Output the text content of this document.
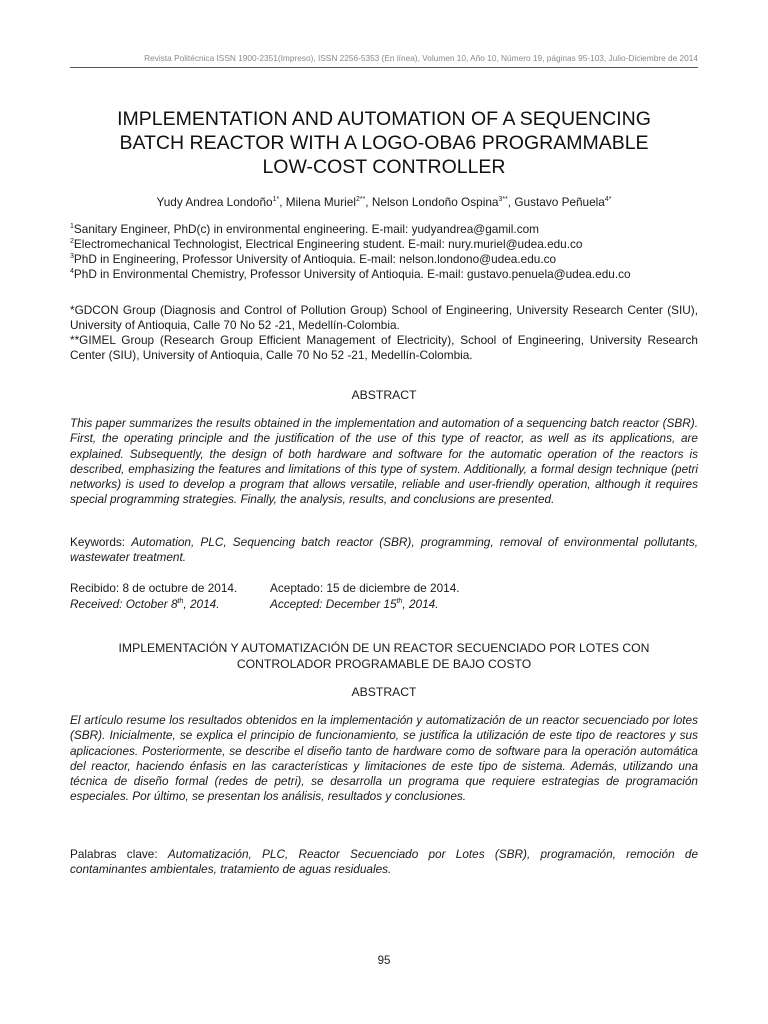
Revista Politécnica ISSN 1900-2351(Impreso), ISSN 2256-5353 (En línea), Volumen 10, Año 10, Número 19, páginas 95-103, Julio-Diciembre de 2014
IMPLEMENTATION AND AUTOMATION OF A SEQUENCING
BATCH REACTOR WITH A LOGO-OBA6 PROGRAMMABLE
LOW-COST CONTROLLER
Yudy Andrea Londoño$^{1*}$, Milena Muriel$^{2**}$, Nelson Londoño Ospina$^{3**}$, Gustavo Peñuela$^{4*}$
$^1$Sanitary Engineer, PhD(c) in environmental engineering. E-mail: yudyandrea@gamil.com
$^2$Electromechanical Technologist, Electrical Engineering student. E-mail: nury.muriel@udea.edu.co
$^3$PhD in Engineering, Professor University of Antioquia. E-mail: nelson.londono@udea.edu.co
$^4$PhD in Environmental Chemistry, Professor University of Antioquia. E-mail: gustavo.penuela@udea.edu.co

*GDCON Group (Diagnosis and Control of Pollution Group) School of Engineering, University Research Center (SIU), University of Antioquia, Calle 70 No 52 -21, Medellín-Colombia.

**GIMEL Group (Research Group Efficient Management of Electricity), School of Engineering, University Research Center (SIU), University of Antioquia, Calle 70 No 52 -21, Medellín-Colombia.

ABSTRACT
This paper summarizes the results obtained in the implementation and automation of a sequencing batch reactor (SBR). First, the operating principle and the justification of the use of this type of reactor, as well as its applications, are explained. Subsequently, the design of both hardware and software for the automatic operation of the reactors is described, emphasizing the features and limitations of this type of system. Additionally, a formal design technique (petri networks) is used to develop a program that allows versatile, reliable and user-friendly operation, although it requires special programming strategies. Finally, the analysis, results, and conclusions are presented.
Keywords: Automation, PLC, Sequencing batch reactor (SBR), programming, removal of environmental pollutants, wastewater treatment.
Recibido: 8 de octubre de 2014.	Aceptado: 15 de diciembre de 2014.
Received: October 8th, 2014.	Accepted: December 15th, 2014.
IMPLEMENTACIÓN Y AUTOMATIZACIÓN DE UN REACTOR SECUENCIADO POR LOTES CON
CONTROLADOR PROGRAMABLE DE BAJO COSTO
ABSTRACT
El artículo resume los resultados obtenidos en la implementación y automatización de un reactor secuenciado por lotes (SBR). Inicialmente, se explica el principio de funcionamiento, se justifica la utilización de este tipo de reactores y sus aplicaciones. Posteriormente, se describe el diseño tanto de hardware como de software para la operación automática del reactor, haciendo énfasis en las características y limitaciones de este tipo de sistema. Además, utilizando una técnica de diseño formal (redes de petri), se desarrolla un programa que requiere estrategias de programación especiales. Por último, se presentan los análisis, resultados y conclusiones.
Palabras clave: Automatización, PLC, Reactor Secuenciado por Lotes (SBR), programación, remoción de contaminantes ambientales, tratamiento de aguas residuales.
95
